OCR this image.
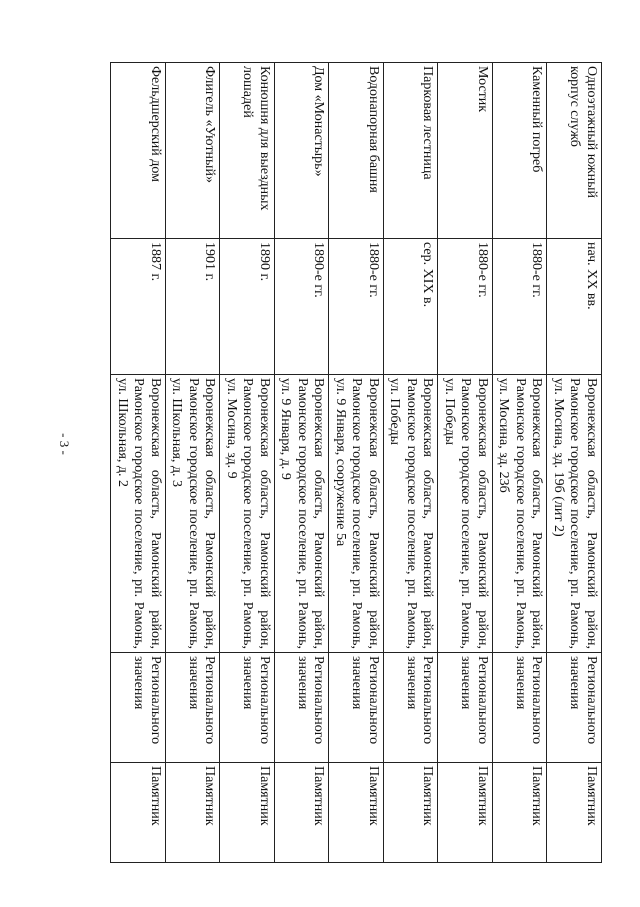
- 3 -
Одноэтажный южный корпус служб	нач. XX вв.	Воронежская область, Рамонский район, Рамонское городское поселение, рп. Рамонь, ул. Мосина, зд. 19б (лит 2)	Регионального значения	Памятник
Каменный погреб	1880-е гг.	Воронежская область, Рамонский район, Рамонское городское поселение, рп. Рамонь, ул. Мосина, зд. 23б	Регионального значения	Памятник
Мостик	1880-е гг.	Воронежская область, Рамонский район, Рамонское городское поселение, рп. Рамонь, ул. Победы	Регионального значения	Памятник
Парковая лестница	сер. XIX в.	Воронежская область, Рамонский район, Рамонское городское поселение, рп. Рамонь, ул. Победы	Регионального значения	Памятник
Водонапорная башня	1880-е гг.	Воронежская область, Рамонский район, Рамонское городское поселение, рп. Рамонь, ул. 9 Января, сооружение 5а	Регионального значения	Памятник
Дом «Монастырь»	1890-е гг.	Воронежская область, Рамонский район, Рамонское городское поселение, рп. Рамонь, ул. 9 Января, д. 9	Регионального значения	Памятник
Конюшня для выездных лошадей	1890 г.	Воронежская область, Рамонский район, Рамонское городское поселение, рп. Рамонь, ул. Мосина, зд. 9	Регионального значения	Памятник
Флигель «Уютный»	1901 г.	Воронежская область, Рамонский район, Рамонское городское поселение, рп. Рамонь, ул. Школьная, д. 3	Регионального значения	Памятник
Фельдшерский дом	1887 г.	Воронежская область, Рамонский район, Рамонское городское поселение, рп. Рамонь, ул. Школьная, д. 2	Регионального значения	Памятник
